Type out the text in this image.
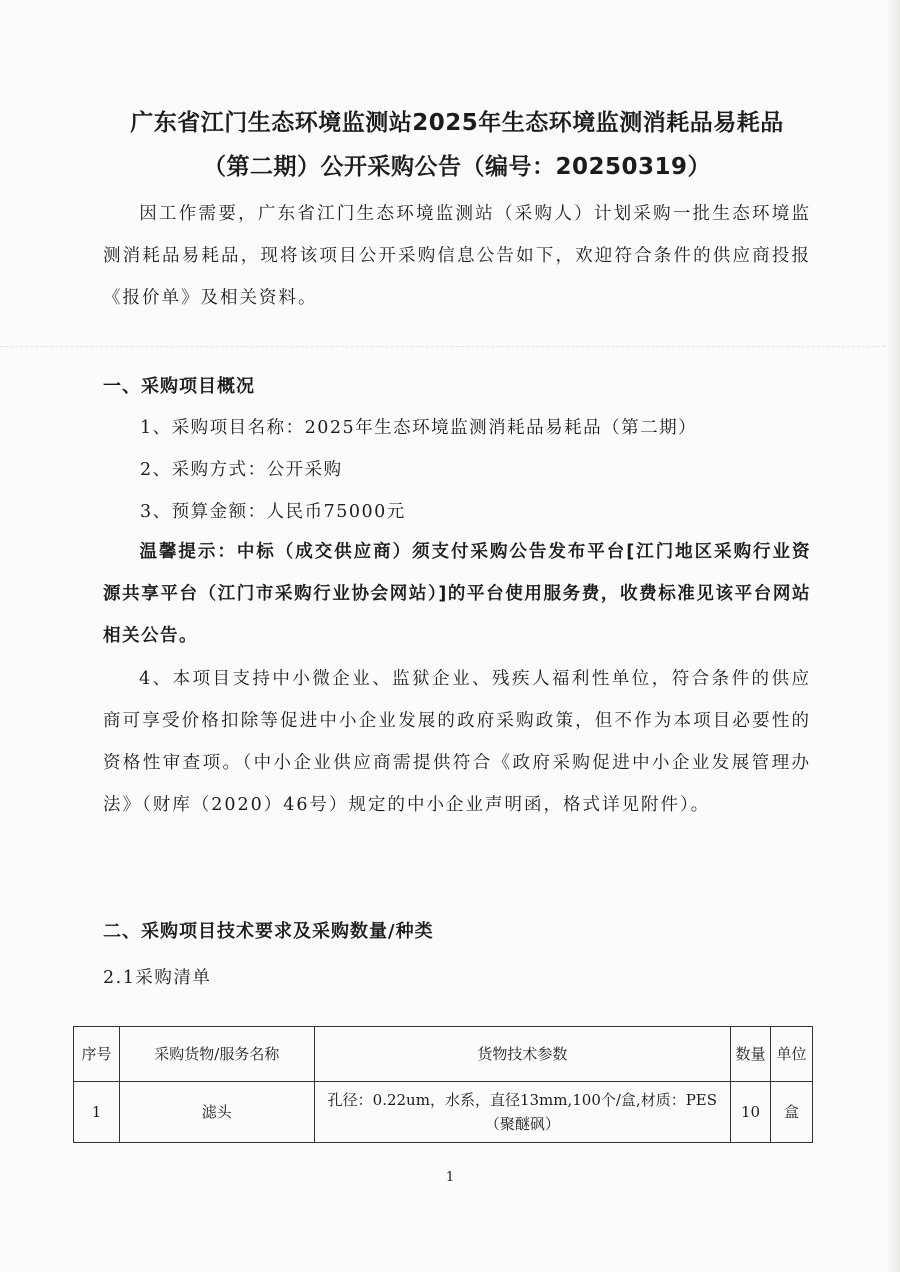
广东省江门生态环境监测站2025年生态环境监测消耗品易耗品
（第二期）公开采购公告（编号：20250319）
因工作需要，广东省江门生态环境监测站（采购人）计划采购一批生态环境监测消耗品易耗品，现将该项目公开采购信息公告如下，欢迎符合条件的供应商投报《报价单》及相关资料。
一、采购项目概况
1、采购项目名称：2025年生态环境监测消耗品易耗品（第二期）
2、采购方式：公开采购
3、预算金额：人民币75000元
温馨提示：中标（成交供应商）须支付采购公告发布平台[江门地区采购行业资源共享平台（江门市采购行业协会网站）]的平台使用服务费，收费标准见该平台网站相关公告。
4、本项目支持中小微企业、监狱企业、残疾人福利性单位，符合条件的供应商可享受价格扣除等促进中小企业发展的政府采购政策，但不作为本项目必要性的资格性审查项。（中小企业供应商需提供符合《政府采购促进中小企业发展管理办法》（财库（2020）46号）规定的中小企业声明函，格式详见附件）。
二、采购项目技术要求及采购数量/种类
2.1采购清单
序号	采购货物/服务名称	货物技术参数	数量	单位
1	滤头	孔径：0.22um，水系，直径13mm,100个/盒,材质：PES（聚醚砜）	10	盒
1
